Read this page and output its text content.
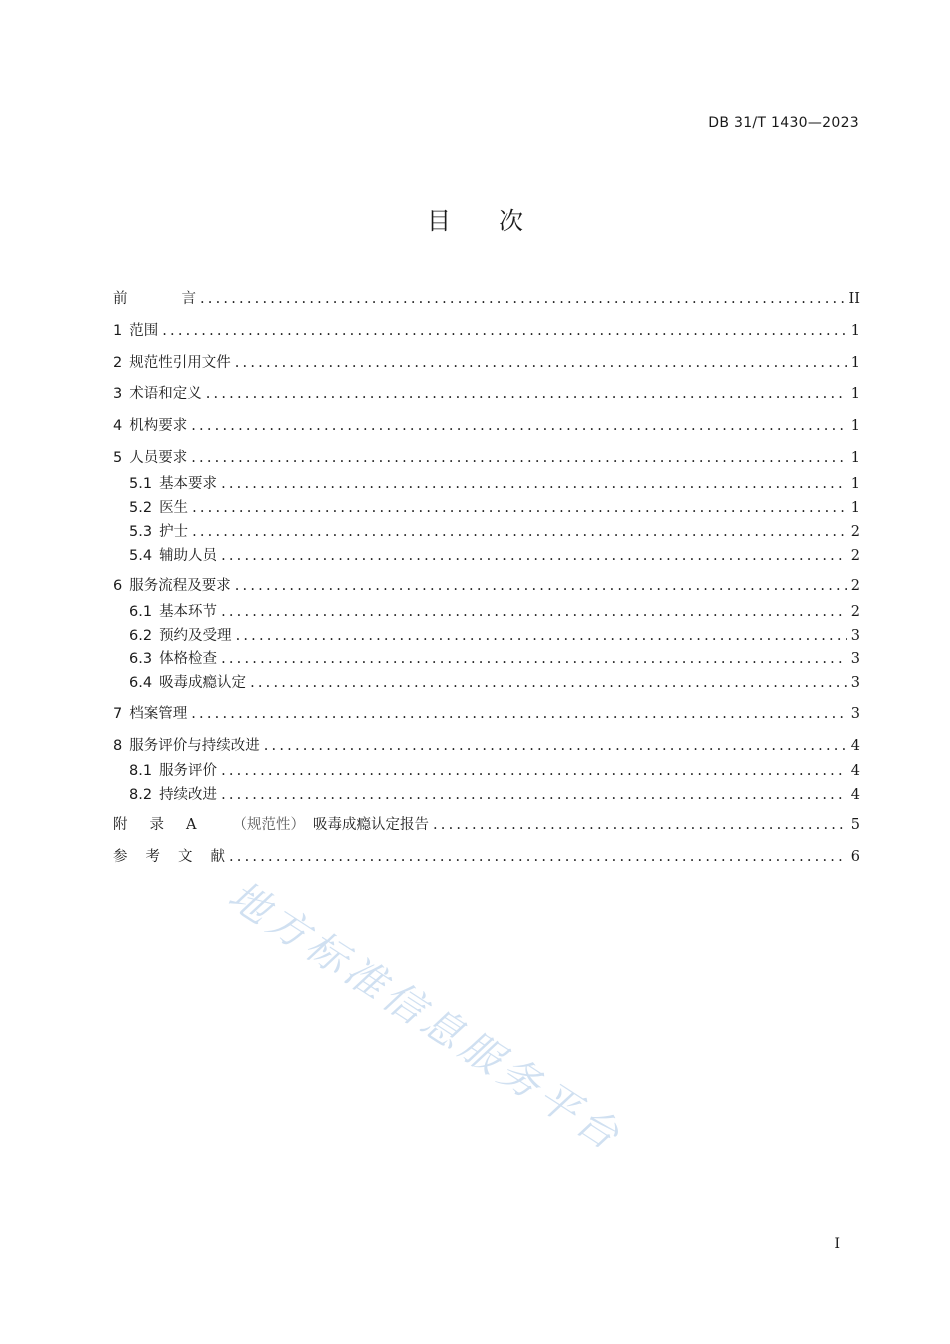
DB 31/T 1430—2023
目 次
前	言 .....	II
1 范围 .....	1
2 规范性引用文件 .....	1
3 术语和定义 .....	1
4 机构要求 .....	1
5 人员要求 .....	1
5.1 基本要求 .....	1
5.2 医生 .....	1
5.3 护士 .....	2
5.4 辅助人员 .....	2
6 服务流程及要求 .....	2
6.1 基本环节 .....	2
6.2 预约及受理 .....	3
6.3 体格检查 .....	3
6.4 吸毒成瘾认定 .....	3
7 档案管理 .....	3
8 服务评价与持续改进 .....	4
8.1 服务评价 .....	4
8.2 持续改进 .....	4
附 录 A （规范性） 吸毒成瘾认定报告 .....	5
参 考 文 献 .....	6
地方标准信息服务平台
I
